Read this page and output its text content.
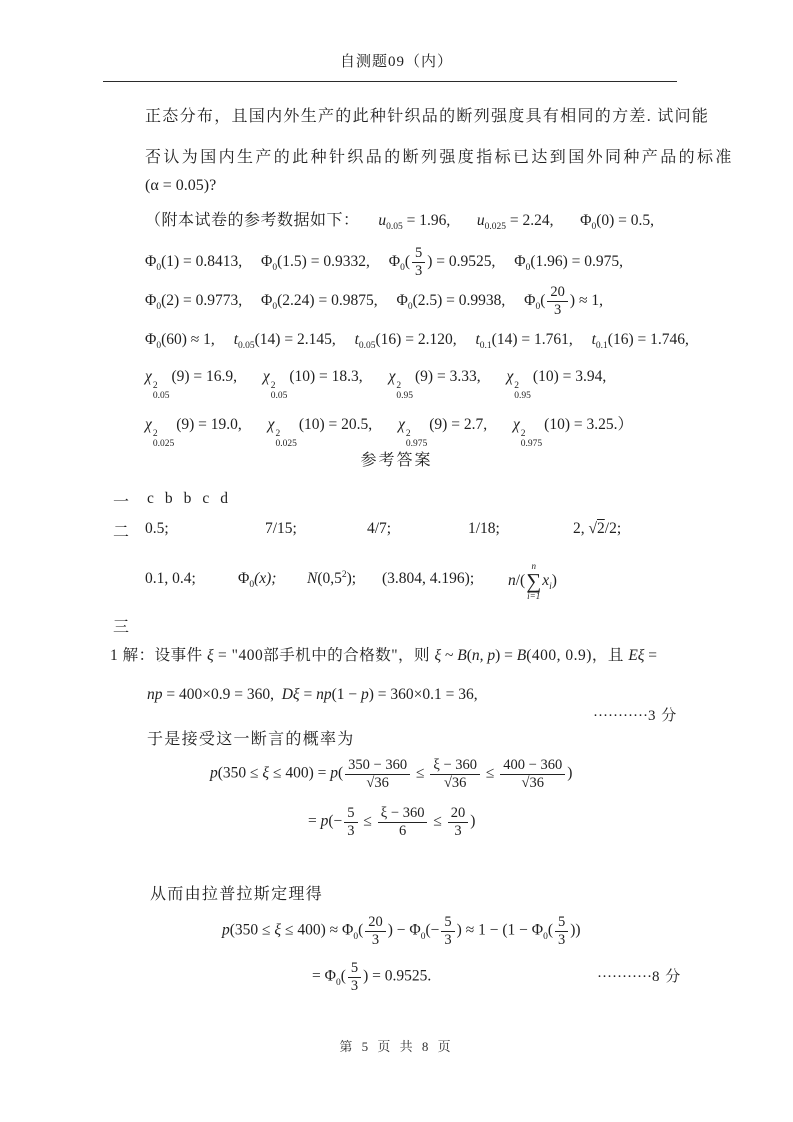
自测题09（内）
正态分布，且国内外生产的此种针织品的断列强度具有相同的方差. 试问能
否认为国内生产的此种针织品的断列强度指标已达到国外同种产品的标准
(α = 0.05)?
（附本试卷的参考数据如下： $u_{0.05} = 1.96$,   $u_{0.025} = 2.24$,   $\Phi_0(0) = 0.5$,
$\Phi_0(1) = 0.8413$, $\Phi_0(1.5) = 0.9332$, $\Phi_0( \frac{5}{3}$ ) = 0.9525, $\Phi_0(1.96) = 0.975$,
$\Phi_0(2) = 0.9773$, $\Phi_0(2.24) = 0.9875$, $\Phi_0(2.5) = 0.9938$, $\Phi_0( \frac{20}{3}$ ) ≈ 1,
$\Phi_0(60) \approx 1$, $t_{0.05}(14) = 2.145$, $t_{0.05}(16) = 2.120$, $t_{0.1}(14) = 1.761$, $t_{0.1}(16) = 1.746$,
χ
2
0.05
(9) = 16.9, χ
2
0.05
(10) = 18.3, χ
2
0.95
(9) = 3.33, χ
2
0.95
(10) = 3.94,
χ
2
0.025
(9) = 19.0, χ
2
0.025
(10) = 20.5, χ
2
0.975
(9) = 2.7, χ
2
0.975
(10) = 3.25.）
参考答案
一 c b b c d
二 0.5;	7/15;	4/7;	1/18;	2, √2/2;
0.1, 0.4;	$\Phi_0(x)$; $N(0,5^2)$; (3.804, 4.196); n/(
n
∑
i=1
$x_i$)
三
1 解：设事件 ξ = "400部手机中的合格数"，则 ξ ~ B(n, p) = B(400, 0.9)，且 Eξ =
np = 400×0.9 = 360,  Dξ = np(1 − p) = 360×0.1 = 36,

···········3 分

于是接受这一断言的概率为
$p(350 \le \xi \le 400) = p( \frac{350 - 360}{√36} \le \frac{\xi - 360}{√36} \le \frac{400 - 360}{√36}$ )
= $p(- \frac{5}{3} \le \frac{\xi - 360}{6} \le \frac{20}{3}$ )
从而由拉普拉斯定理得
$p(350 \le \xi \le 400) \approx \Phi_0( \frac{20}{3}$ ) − $\Phi_0(- \frac{5}{3}$ ) ≈ $1 - (1 - \Phi_0( \frac{5}{3}$ ))

···········8 分

= $\Phi_0( \frac{5}{3}$ ) = 0.9525.
第 5 页 共 8 页
